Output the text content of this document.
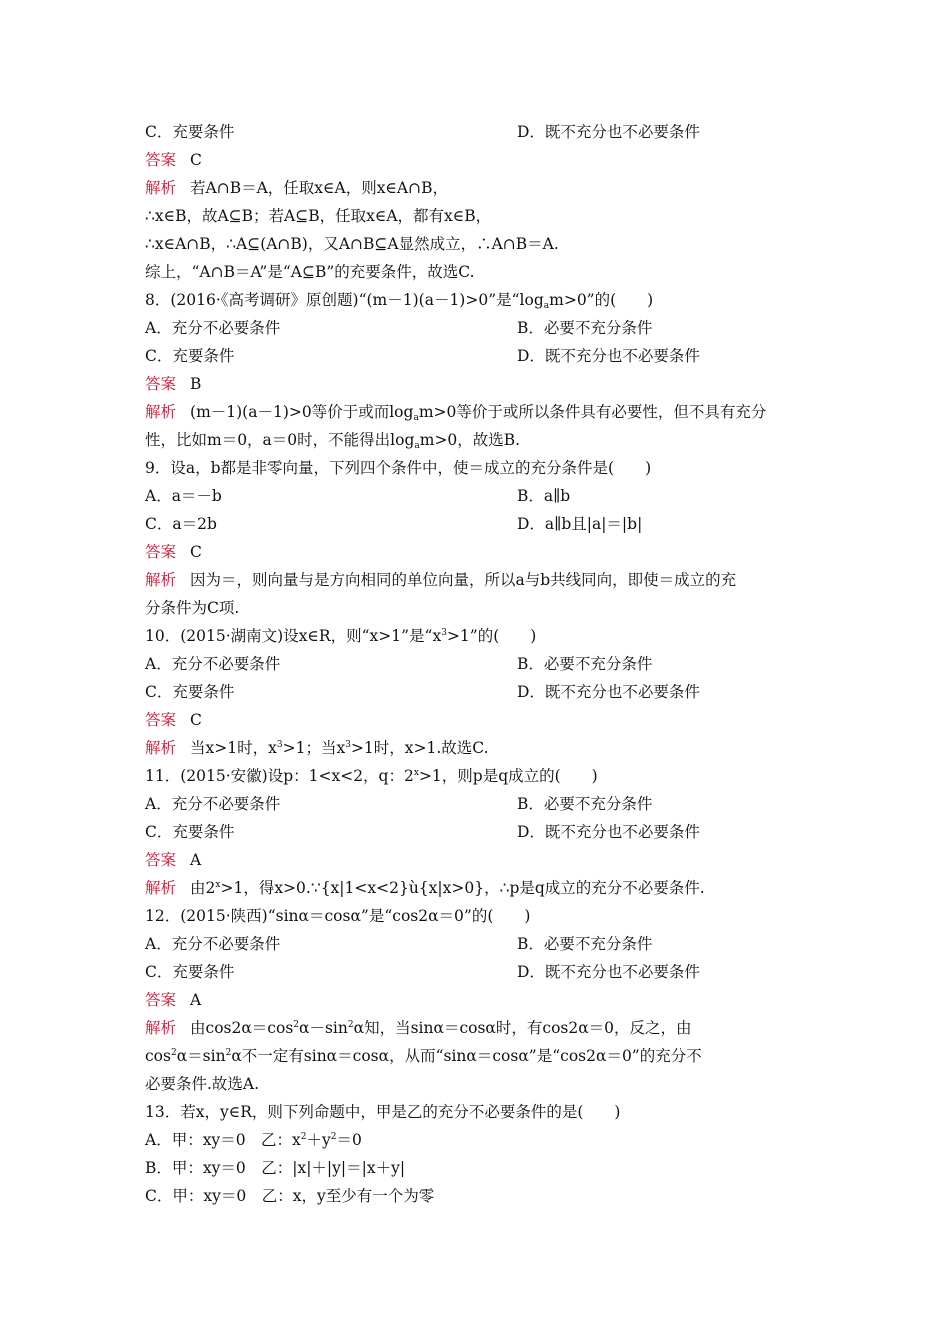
C．充要条件	D．既不充分也不必要条件
答案 C
解析 若A∩B＝A，任取x∈A，则x∈A∩B，
∴x∈B，故A⊆B；若A⊆B，任取x∈A，都有x∈B，
∴x∈A∩B，∴A⊆(A∩B)，又A∩B⊆A显然成立，∴A∩B＝A.
综上，“A∩B＝A”是“A⊆B”的充要条件，故选C.
8．(2016·《高考调研》原创题)“(m－1)(a－1)>0”是“$\log_am>0$”的(　　)
A．充分不必要条件	B．必要不充分条件
C．充要条件	D．既不充分也不必要条件
答案 B
解析 (m－1)(a－1)>0等价于或而$\log_am>0$等价于或所以条件具有必要性，但不具有充分
性，比如m＝0，a＝0时，不能得出$\log_am>0$，故选B.
9．设a，b都是非零向量，下列四个条件中，使＝成立的充分条件是(　　)
A．a＝－b	B．a∥b
C．a＝2b	D．a∥b且|a|＝|b|
答案 C
解析 因为＝，则向量与是方向相同的单位向量，所以a与b共线同向，即使＝成立的充
分条件为C项.
10．(2015·湖南文)设x∈R，则“x>1”是“$x^3>1$”的(　　)
A．充分不必要条件	B．必要不充分条件
C．充要条件	D．既不充分也不必要条件
答案 C
解析 当x>1时，$x^3>1$；当$x^3>1$时，x>1.故选C.
11．(2015·安徽)设p：1<x<2，q：$2^x>1$，则p是q成立的(　　)
A．充分不必要条件	B．必要不充分条件
C．充要条件	D．既不充分也不必要条件
答案 A
解析 由$2^x>1$，得x>0.∵{x|1<x<2}ù{x|x>0}，∴p是q成立的充分不必要条件.
12．(2015·陕西)“sinα＝cosα”是“cos2α＝0”的(　　)
A．充分不必要条件	B．必要不充分条件
C．充要条件	D．既不充分也不必要条件
答案 A
解析 由$\cos 2\alpha=\cos^2\alpha-\sin^2\alpha$知，当sinα＝cosα时，有cos2α＝0，反之，由
$\cos^2\alpha=\sin^2\alpha$不一定有sinα＝cosα，从而“sinα＝cosα”是“cos2α＝0”的充分不
必要条件.故选A.
13．若x，y∈R，则下列命题中，甲是乙的充分不必要条件的是(　　)
A．甲：xy＝0　乙：$x^2+y^2=0$
B．甲：xy＝0　乙：|x|＋|y|＝|x＋y|
C．甲：xy＝0　乙：x，y至少有一个为零
